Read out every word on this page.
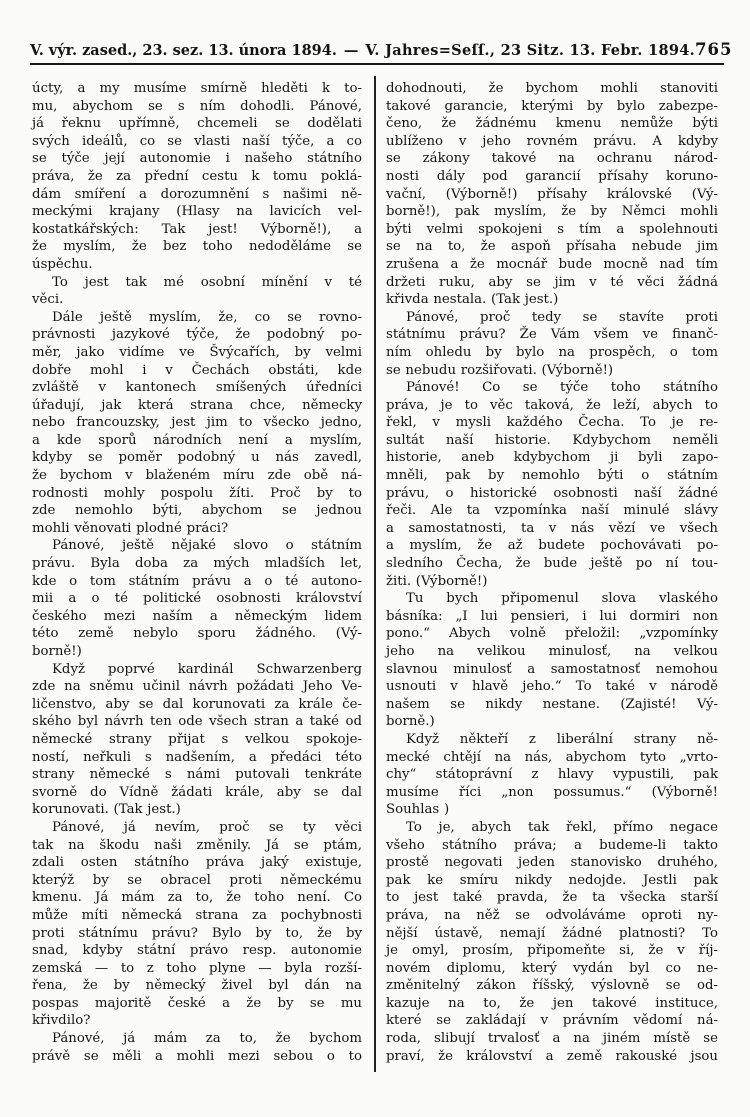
V. výr. zased., 23. sez. 13. února 1894. — V. Jahres=Seſſ., 23 Sitz. 13. Febr. 1894. 765
úcty, a my musíme smírně hleděti k to-
mu, abychom se s ním dohodli. Pánové,
já řeknu upřímně, chcemeli se dodělati
svých ideálů, co se vlasti naší týče, a co
se týče její autonomie i našeho státního
práva, že za přední cestu k tomu poklá-
dám smíření a dorozumnění s našimi ně-
meckými krajany (Hlasy na lavicích vel-
kostatkářských: Tak jest! Výborně!), a
že myslím, že bez toho nedoděláme se
úspěchu.
To jest tak mé osobní mínění v té
věci.
Dále ještě myslím, že, co se rovno-
právnosti jazykové týče, že podobný po-
měr, jako vidíme ve Švýcařích, by velmi
dobře mohl i v Čechách obstáti, kde
zvláště v kantonech smíšených úředníci
úřadují, jak která strana chce, německy
nebo francouzsky, jest jim to všecko jedno,
a kde sporů národních není a myslím,
kdyby se poměr podobný u nás zavedl,
že bychom v blaženém míru zde obě ná-
rodnosti mohly pospolu žíti. Proč by to
zde nemohlo býti, abychom se jednou
mohli věnovati plodné práci?
Pánové, ještě nějaké slovo o státním
právu. Byla doba za mých mladších let,
kde o tom státním právu a o té autono-
mii a o té politické osobnosti království
českého mezi naším a německým lidem
této země nebylo sporu žádného. (Vý-
borně!)
Když poprvé kardinál Schwarzenberg
zde na sněmu učinil návrh požádati Jeho Ve-
ličenstvo, aby se dal korunovati za krále če-
ského byl návrh ten ode všech stran a také od
německé strany přijat s velkou spokoje-
ností, neřkuli s nadšením, a předáci této
strany německé s námi putovali tenkráte
svorně do Vídně žádati krále, aby se dal
korunovati. (Tak jest.)
Pánové, já nevím, proč se ty věci
tak na škodu naši změnily. Já se ptám,
zdali osten státního práva jaký existuje,
kterýž by se obracel proti německému
kmenu. Já mám za to, že toho není. Co
může míti německá strana za pochybnosti
proti státnímu právu? Bylo by to, že by
snad, kdyby státní právo resp. autonomie
zemská — to z toho plyne — byla rozší-
řena, že by německý živel byl dán na
pospas majoritě české a že by se mu
křivdilo?
Pánové, já mám za to, že bychom
právě se měli a mohli mezi sebou o to
dohodnouti, že bychom mohli stanoviti
takové garancie, kterými by bylo zabezpe-
čeno, že žádnému kmenu nemůže býti
ublíženo v jeho rovném právu. A kdyby
se zákony takové na ochranu národ-
nosti dály pod garancií přísahy koruno-
vační, (Výborně!) přísahy královské (Vý-
borně!), pak myslím, že by Němci mohli
býti velmi spokojeni s tím a spolehnouti
se na to, že aspoň přísaha nebude jim
zrušena a že mocnář bude mocně nad tím
držeti ruku, aby se jim v té věci žádná
křivda nestala. (Tak jest.)
Pánové, proč tedy se stavíte proti
státnímu právu? Že Vám všem ve finanč-
ním ohledu by bylo na prospěch, o tom
se nebudu rozšiřovati. (Výborně!)
Pánové! Co se týče toho státního
práva, je to věc taková, že leží, abych to
řekl, v mysli každého Čecha. To je re-
sultát naší historie. Kdybychom neměli
historie, aneb kdybychom ji byli zapo-
mněli, pak by nemohlo býti o státním
právu, o historické osobnosti naší žádné
řeči. Ale ta vzpomínka naší minulé slávy
a samostatnosti, ta v nás vězí ve všech
a myslím, že až budete pochovávati po-
sledního Čecha, že bude ještě po ní tou-
žiti. (Výborně!)
Tu bych připomenul slova vlaského
básníka: „I lui pensieri, i lui dormiri non
pono.“ Abych volně přeložil: „vzpomínky
jeho na velikou minulosť, na velkou
slavnou minulosť a samostatnosť nemohou
usnouti v hlavě jeho.“ To také v národě
našem se nikdy nestane. (Zajisté! Vý-
borně.)
Když někteří z liberální strany ně-
mecké chtějí na nás, abychom tyto „vrto-
chy“ státoprávní z hlavy vypustili, pak
musíme říci „non possumus.“ (Výborně!
Souhlas )
To je, abych tak řekl, přímo negace
všeho státního práva; a budeme-li takto
prostě negovati jeden stanovisko druhého,
pak ke smíru nikdy nedojde. Jestli pak
to jest také pravda, že ta všecka starší
práva, na něž se odvoláváme oproti ny-
nější ústavě, nemají žádné platnosti? To
je omyl, prosím, připomeňte si, že v říj-
novém diplomu, který vydán byl co ne-
změnitelný zákon říšský, výslovně se od-
kazuje na to, že jen takové instituce,
které se zakládají v právním vědomí ná-
roda, slibují trvalosť a na jiném místě se
praví, že království a země rakouské jsou
